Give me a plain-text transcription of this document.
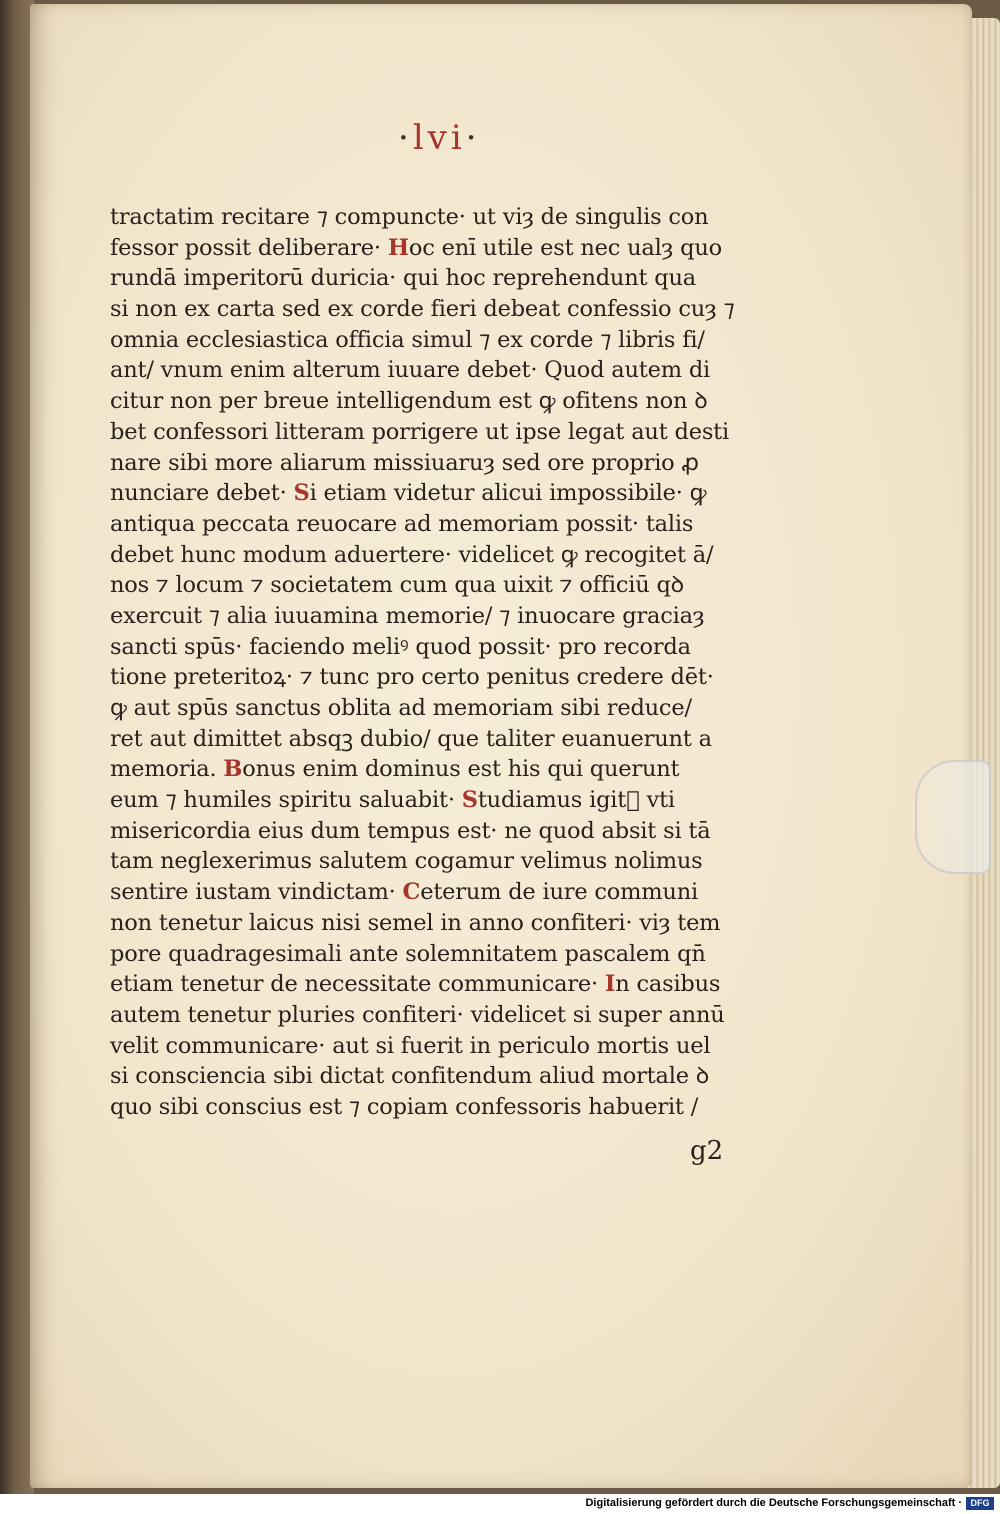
·lvi·
tractatim recitare ⁊ compuncte· ut viȝ de singulis con
fessor possit deliberare· Hoc enī utile est nec ualȝ quo
rundā imperitorū duricia· qui hoc reprehendunt qua
si non ex carta sed ex corde fieri debeat confessio cuȝ ⁊
omnia ecclesiastica officia simul ⁊ ex corde ⁊ libris fi/
ant/ vnum enim alterum iuuare debet· Quod autem di
citur non per breue intelligendum est ꝙ ofitens non ꝺ
bet confessori litteram porrigere ut ipse legat aut desti
nare sibi more aliarum missiuaruȝ sed ore proprio ꝓ
nunciare debet· Si etiam videtur alicui impossibile· ꝙ
antiqua peccata reuocare ad memoriam possit· talis
debet hunc modum aduertere· videlicet ꝙ recogitet ā/
nos ⁊ locum ⁊ societatem cum qua uixit ⁊ officiū qꝺ
exercuit ⁊ alia iuuamina memorie/ ⁊ inuocare graciaȝ
sancti spūs· faciendo meliꝰ quod possit· pro recorda
tione preteritoꝝ· ⁊ tunc pro certo penitus credere dēt·
ꝙ aut spūs sanctus oblita ad memoriam sibi reduce/
ret aut dimittet absqꝫ dubio/ que taliter euanuerunt a
memoria. Bonus enim dominus est his qui querunt
eum ⁊ humiles spiritu saluabit· Studiamus igitᷣ vti
misericordia eius dum tempus est· ne quod absit si tā
tam neglexerimus salutem cogamur velimus nolimus
sentire iustam vindictam· Ceterum de iure communi
non tenetur laicus nisi semel in anno confiteri· viȝ tem
pore quadragesimali ante solemnitatem pascalem qn̄
etiam tenetur de necessitate communicare· In casibus
autem tenetur pluries confiteri· videlicet si super annū
velit communicare· aut si fuerit in periculo mortis uel
si consciencia sibi dictat confitendum aliud mortale ꝺ
quo sibi conscius est ⁊ copiam confessoris habuerit /
g2
Digitalisierung gefördert durch die Deutsche Forschungsgemeinschaft · DFG
